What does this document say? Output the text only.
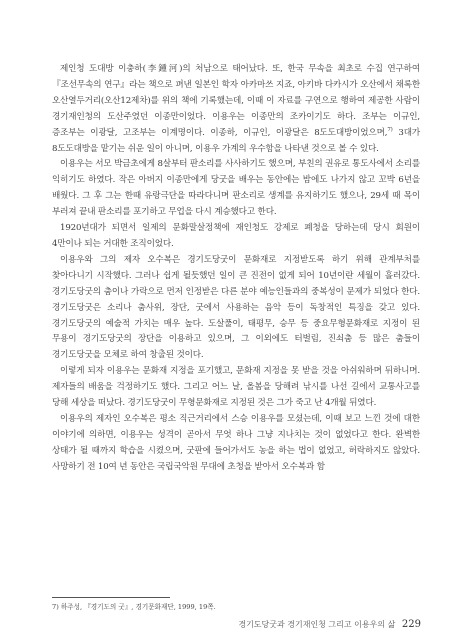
제인청 도대방 이충하(李鍾河)의 처남으로 태어났다. 또, 한국 무속을 최초로 수집 연구하여 『조선무속의 연구』라는 책으로 펴낸 일본인 학자 아카마쓰 지죠, 아키바 다카시가 오산에서 채록한 오산열두거리(오산12제차)를 위의 책에 기록했는데, 이때 이 자료를 구연으로 행하여 제공한 사람이 경기재인청의 도산주였던 이종만이었다. 이용우는 이종만의 조카이기도 하다. 조부는 이규인, 증조부는 이광달, 고조부는 이계명이다. 이종하, 이규인, 이광달은 8도도대방이었으며,$^{7)}$ 3대가 8도도대방을 맡기는 쉬운 일이 아니며, 이용우 가계의 우수함을 나타낸 것으로 볼 수 있다.

이용우는 서모 박금초에게 8살부터 판소리를 사사하기도 했으며, 부친의 권유로 통도사에서 소리를 익히기도 하였다. 작은 아버지 이종만에게 당굿을 배우는 동안에는 밤에도 나가지 않고 꼬박 6년을 배웠다. 그 후 그는 한때 유랑극단을 따라다니며 판소리로 생계를 유지하기도 했으나, 29세 때 목이 부러져 끝내 판소리를 포기하고 무업을 다시 계승했다고 한다.

1920년대가 되면서 일제의 문화말살정책에 재인청도 강제로 폐청을 당하는데 당시 회원이 4만이나 되는 거대한 조직이었다.

이용우와 그의 제자 오수복은 경기도당굿이 문화재로 지정받도록 하기 위해 관계부처를 찾아다니기 시작했다. 그러나 쉽게 될듯했던 일이 큰 진전이 없게 되어 10년이란 세월이 흘러갔다. 경기도당굿의 춤이나 가락으로 먼저 인정받은 다른 분야 예능인들과의 중복성이 문제가 되었다 한다. 경기도당굿은 소리나 춤사위, 장단, 굿에서 사용하는 음악 등이 독창적인 특징을 갖고 있다. 경기도당굿의 예술적 가치는 매우 높다. 도살풀이, 태평무, 승무 등 중요무형문화재로 지정이 된 무용이 경기도당굿의 장단을 이용하고 있으며, 그 이외에도 터벌림, 진쇠춤 등 많은 춤들이 경기도당굿을 모체로 하여 창출된 것이다.

이렇게 되자 이용우는 문화재 지정을 포기했고, 문화재 지정을 못 받을 것을 아쉬워하며 뒤하니며. 제자들의 배움을 걱정하기도 했다. 그리고 어느 날, 올봄을 당해려 낚시를 나선 길에서 교통사고를 당해 세상을 떠났다. 경기도당굿이 무형문화재로 지정된 것은 그가 죽고 난 4개월 뒤였다.

이용우의 제자인 오수복은 평소 직근거리에서 스승 이용우를 모셨는데, 이때 보고 느낀 것에 대한 이야기에 의하면, 이용우는 성격이 곧아서 무엇 하나 그냥 지나치는 것이 없었다고 한다. 완벽한 상태가 될 때까지 학습을 시켰으며, 굿판에 들어가서도 농을 하는 법이 없었고, 허락하지도 않았다. 사망하기 전 10여 년 동안은 국립국악원 무대에 초청을 받아서 오수복과 함

7) 하주성, 『경기도의 굿』, 경기문화재단, 1999, 19쪽.

경기도당굿과 경기재인청 그리고 이용우의 삶 229
